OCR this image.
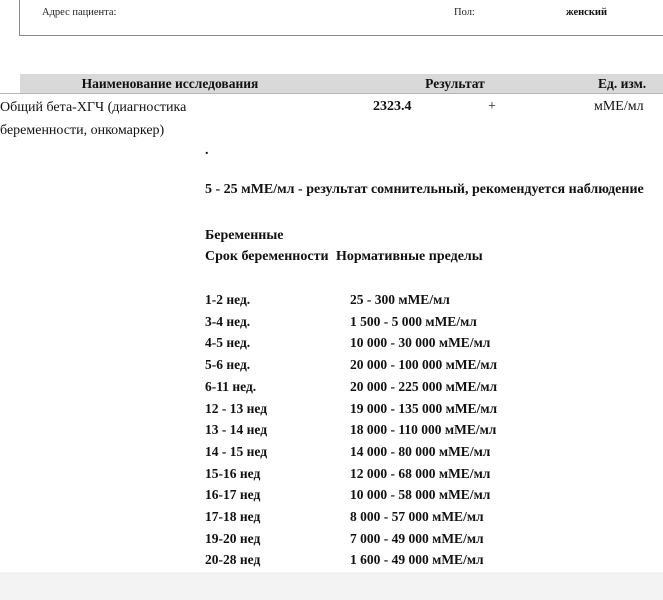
Адрес пациента:	Пол:	женский
Наименование исследования	Результат	Ед. изм.
Общий бета-ХГЧ (диагностика беременности, онкомаркер)
2323.4	+	мМЕ/мл
.
5 - 25 мМЕ/мл - результат сомнительный, рекомендуется наблюдение
Беременные
Срок беременности Нормативные пределы
1-2 нед.	25 - 300 мМЕ/мл
3-4 нед.	1 500 - 5 000 мМЕ/мл
4-5 нед.	10 000 - 30 000 мМЕ/мл
5-6 нед.	20 000 - 100 000 мМЕ/мл
6-11 нед.	20 000 - 225 000 мМЕ/мл
12 - 13 нед	19 000 - 135 000 мМЕ/мл
13 - 14 нед	18 000 - 110 000 мМЕ/мл
14 - 15 нед	14 000 - 80 000 мМЕ/мл
15-16 нед	12 000 - 68 000 мМЕ/мл
16-17 нед	10 000 - 58 000 мМЕ/мл
17-18 нед	8 000 - 57 000 мМЕ/мл
19-20 нед	7 000 - 49 000 мМЕ/мл
20-28 нед	1 600 - 49 000 мМЕ/мл
